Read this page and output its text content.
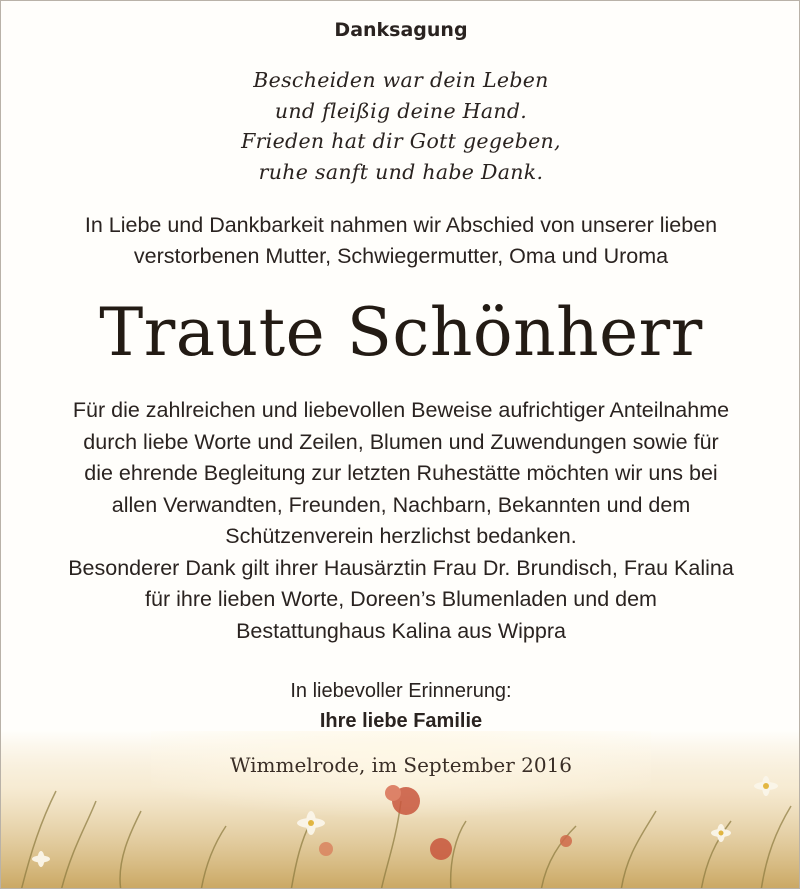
Danksagung
Bescheiden war dein Leben
und fleißig deine Hand.
Frieden hat dir Gott gegeben,
ruhe sanft und habe Dank.
In Liebe und Dankbarkeit nahmen wir Abschied von unserer lieben
verstorbenen Mutter, Schwiegermutter, Oma und Uroma
Traute Schönherr
Für die zahlreichen und liebevollen Beweise aufrichtiger Anteilnahme
durch liebe Worte und Zeilen, Blumen und Zuwendungen sowie für
die ehrende Begleitung zur letzten Ruhestätte möchten wir uns bei
allen Verwandten, Freunden, Nachbarn, Bekannten und dem
Schützenverein herzlichst bedanken.
Besonderer Dank gilt ihrer Hausärztin Frau Dr. Brundisch, Frau Kalina
für ihre lieben Worte, Doreen’s Blumenladen und dem
Bestattunghaus Kalina aus Wippra
In liebevoller Erinnerung:
Ihre liebe Familie
Wimmelrode, im September 2016
